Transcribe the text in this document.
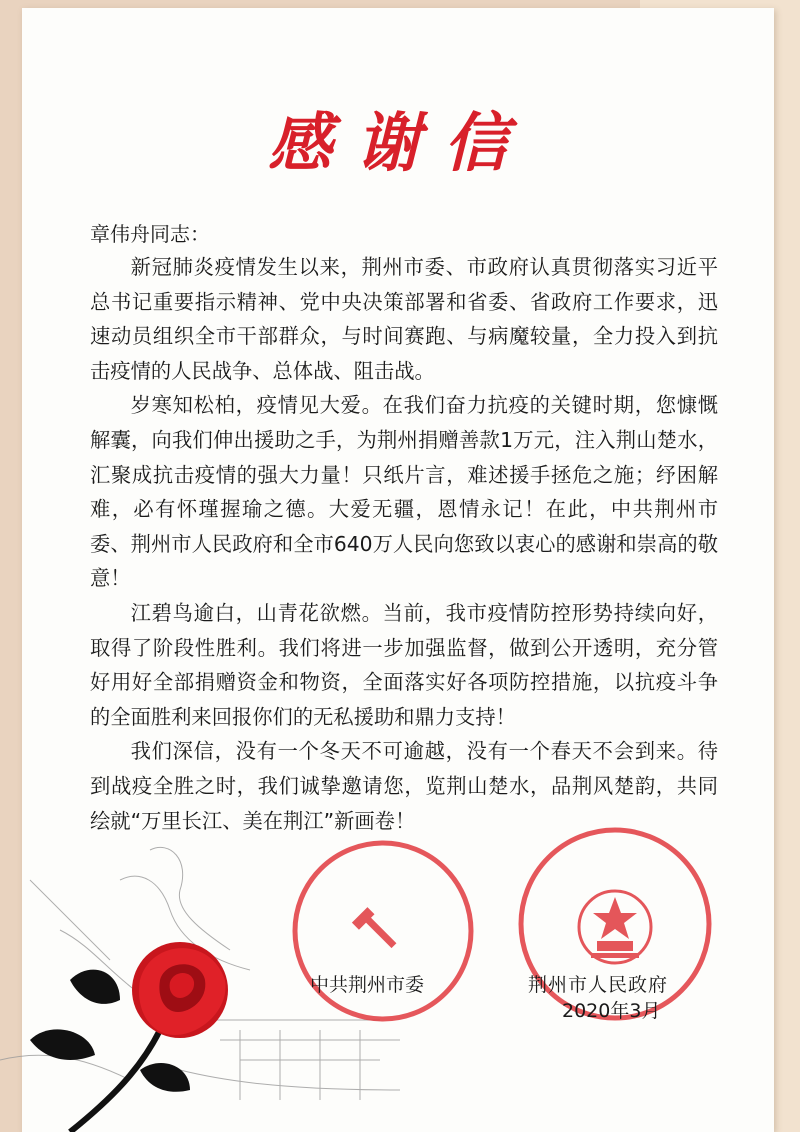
感谢信
章伟舟同志：

新冠肺炎疫情发生以来，荆州市委、市政府认真贯彻落实习近平总书记重要指示精神、党中央决策部署和省委、省政府工作要求，迅速动员组织全市干部群众，与时间赛跑、与病魔较量，全力投入到抗击疫情的人民战争、总体战、阻击战。

岁寒知松柏，疫情见大爱。在我们奋力抗疫的关键时期，您慷慨解囊，向我们伸出援助之手，为荆州捐赠善款1万元，注入荆山楚水，汇聚成抗击疫情的强大力量！只纸片言，难述援手拯危之施；纾困解难，必有怀瑾握瑜之德。大爱无疆，恩情永记！在此，中共荆州市委、荆州市人民政府和全市640万人民向您致以衷心的感谢和崇高的敬意！

江碧鸟逾白，山青花欲燃。当前，我市疫情防控形势持续向好，取得了阶段性胜利。我们将进一步加强监督，做到公开透明，充分管好用好全部捐赠资金和物资，全面落实好各项防控措施，以抗疫斗争的全面胜利来回报你们的无私援助和鼎力支持！

我们深信，没有一个冬天不可逾越，没有一个春天不会到来。待到战疫全胜之时，我们诚挚邀请您，览荆山楚水，品荆风楚韵，共同绘就“万里长江、美在荆江”新画卷！

中共荆州市委	荆州市人民政府
2020年3月
